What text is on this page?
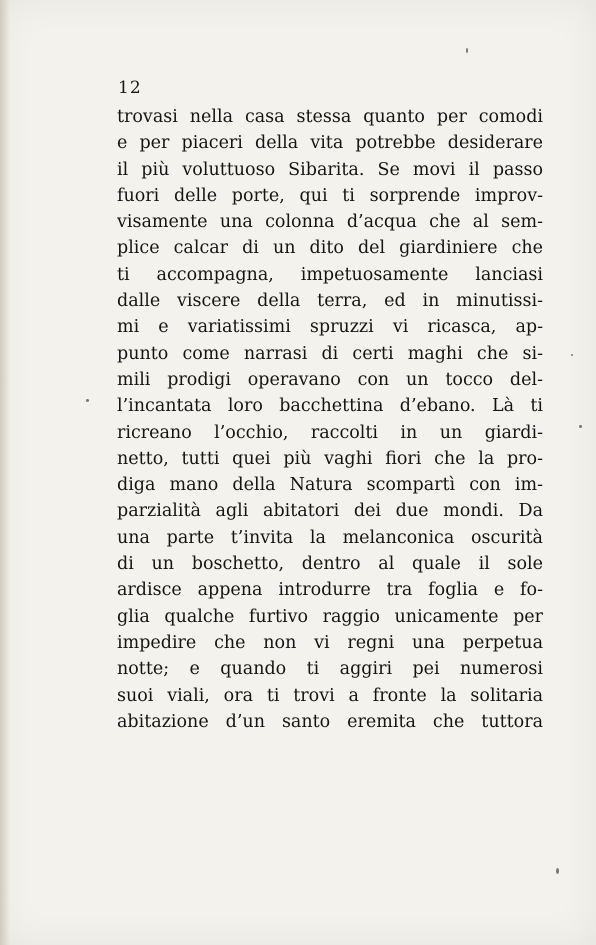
12
trovasi nella casa stessa quanto per comodi
e per piaceri della vita potrebbe desiderare
il più voluttuoso Sibarita. Se movi il passo
fuori delle porte, qui ti sorprende improv-
visamente una colonna d’acqua che al sem-
plice calcar di un dito del giardiniere che
ti accompagna, impetuosamente lanciasi
dalle viscere della terra, ed in minutissi-
mi e variatissimi spruzzi vi ricasca, ap-
punto come narrasi di certi maghi che si-
mili prodigi operavano con un tocco del-
l’incantata loro bacchettina d’ebano. Là ti
ricreano l’occhio, raccolti in un giardi-
netto, tutti quei più vaghi fiori che la pro-
diga mano della Natura scompartì con im-
parzialità agli abitatori dei due mondi. Da
una parte t’invita la melanconica oscurità
di un boschetto, dentro al quale il sole
ardisce appena introdurre tra foglia e fo-
glia qualche furtivo raggio unicamente per
impedire che non vi regni una perpetua
notte; e quando ti aggiri pei numerosi
suoi viali, ora ti trovi a fronte la solitaria
abitazione d’un santo eremita che tuttora
